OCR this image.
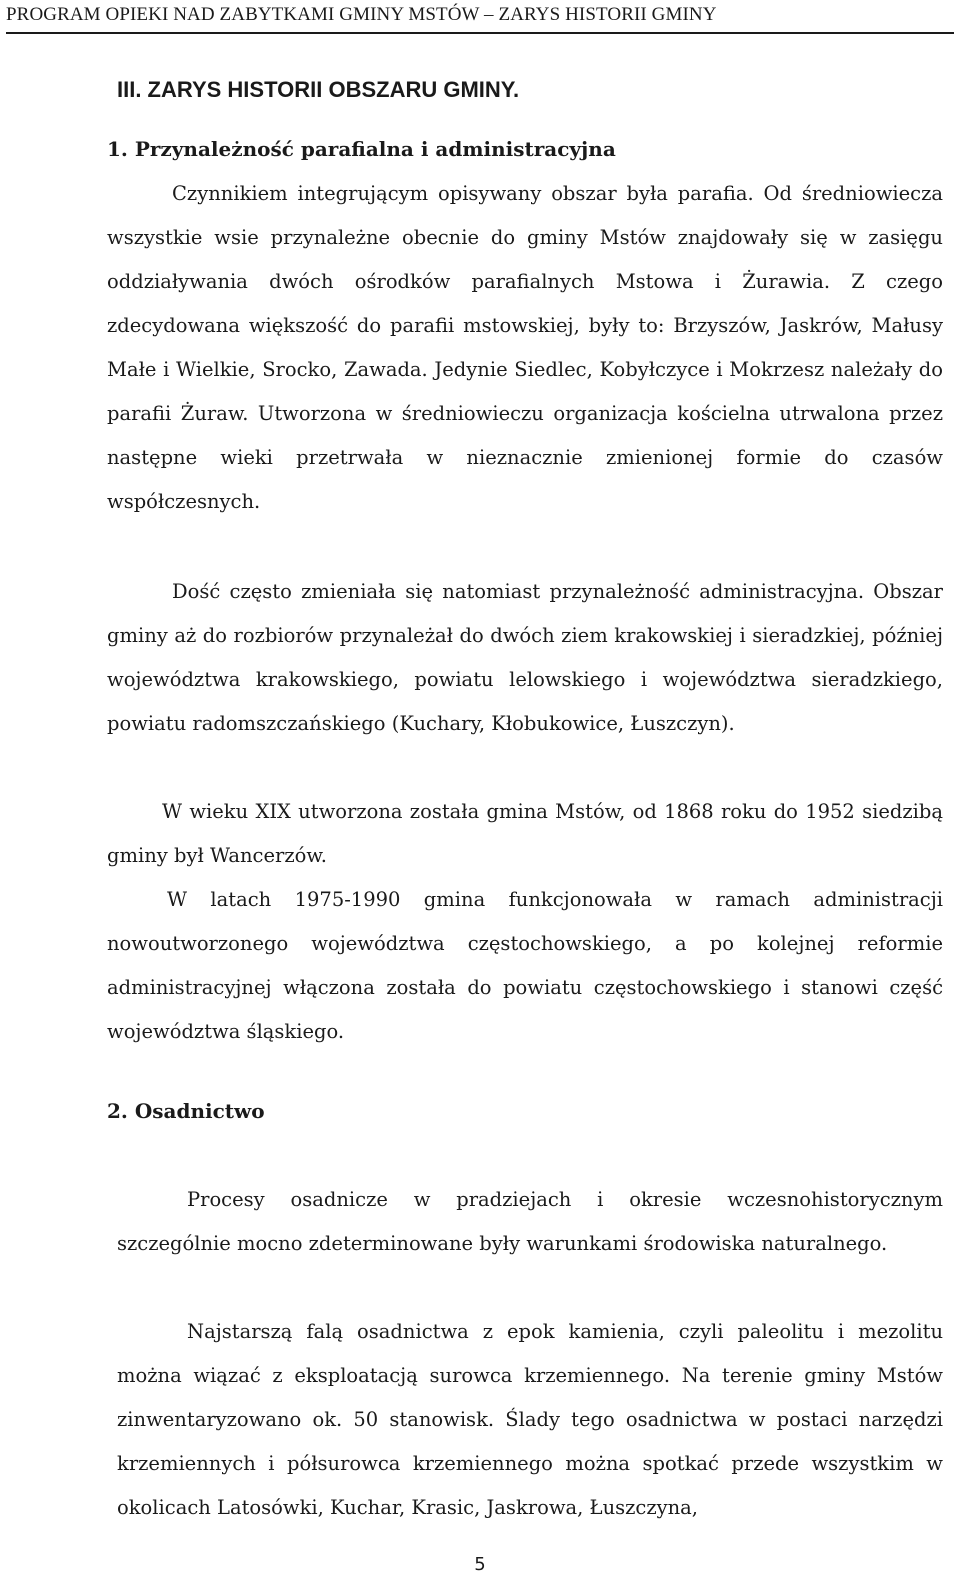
PROGRAM OPIEKI NAD ZABYTKAMI GMINY MSTÓW – ZARYS HISTORII GMINY
III. ZARYS HISTORII OBSZARU GMINY.
1. Przynależność parafialna i administracyjna

Czynnikiem integrującym opisywany obszar była parafia. Od średniowiecza wszystkie wsie przynależne obecnie do gminy Mstów znajdowały się w zasięgu oddziaływania dwóch ośrodków parafialnych Mstowa i Żurawia. Z czego zdecydowana większość do parafii mstowskiej, były to: Brzyszów, Jaskrów, Małusy Małe i Wielkie, Srocko, Zawada. Jedynie Siedlec, Kobyłczyce i Mokrzesz należały do parafii Żuraw. Utworzona w średniowieczu organizacja kościelna utrwalona przez następne wieki przetrwała w nieznacznie zmienionej formie do czasów współczesnych.

Dość często zmieniała się natomiast przynależność administracyjna. Obszar gminy aż do rozbiorów przynależał do dwóch ziem krakowskiej i sieradzkiej, później województwa krakowskiego, powiatu lelowskiego i województwa sieradzkiego, powiatu radomszczańskiego (Kuchary, Kłobukowice, Łuszczyn).

W wieku XIX utworzona została gmina Mstów, od 1868 roku do 1952 siedzibą gminy był Wancerzów.

W latach 1975-1990 gmina funkcjonowała w ramach administracji nowoutworzonego województwa częstochowskiego, a po kolejnej reformie administracyjnej włączona została do powiatu częstochowskiego i stanowi część województwa śląskiego.

2. Osadnictwo

Procesy osadnicze w pradziejach i okresie wczesnohistorycznym szczególnie mocno zdeterminowane były warunkami środowiska naturalnego.

Najstarszą falą osadnictwa z epok kamienia, czyli paleolitu i mezolitu można wiązać z eksploatacją surowca krzemiennego. Na terenie gminy Mstów zinwentaryzowano ok. 50 stanowisk. Ślady tego osadnictwa w postaci narzędzi krzemiennych i półsurowca krzemiennego można spotkać przede wszystkim w okolicach Latosówki, Kuchar, Krasic, Jaskrowa, Łuszczyna,

5
